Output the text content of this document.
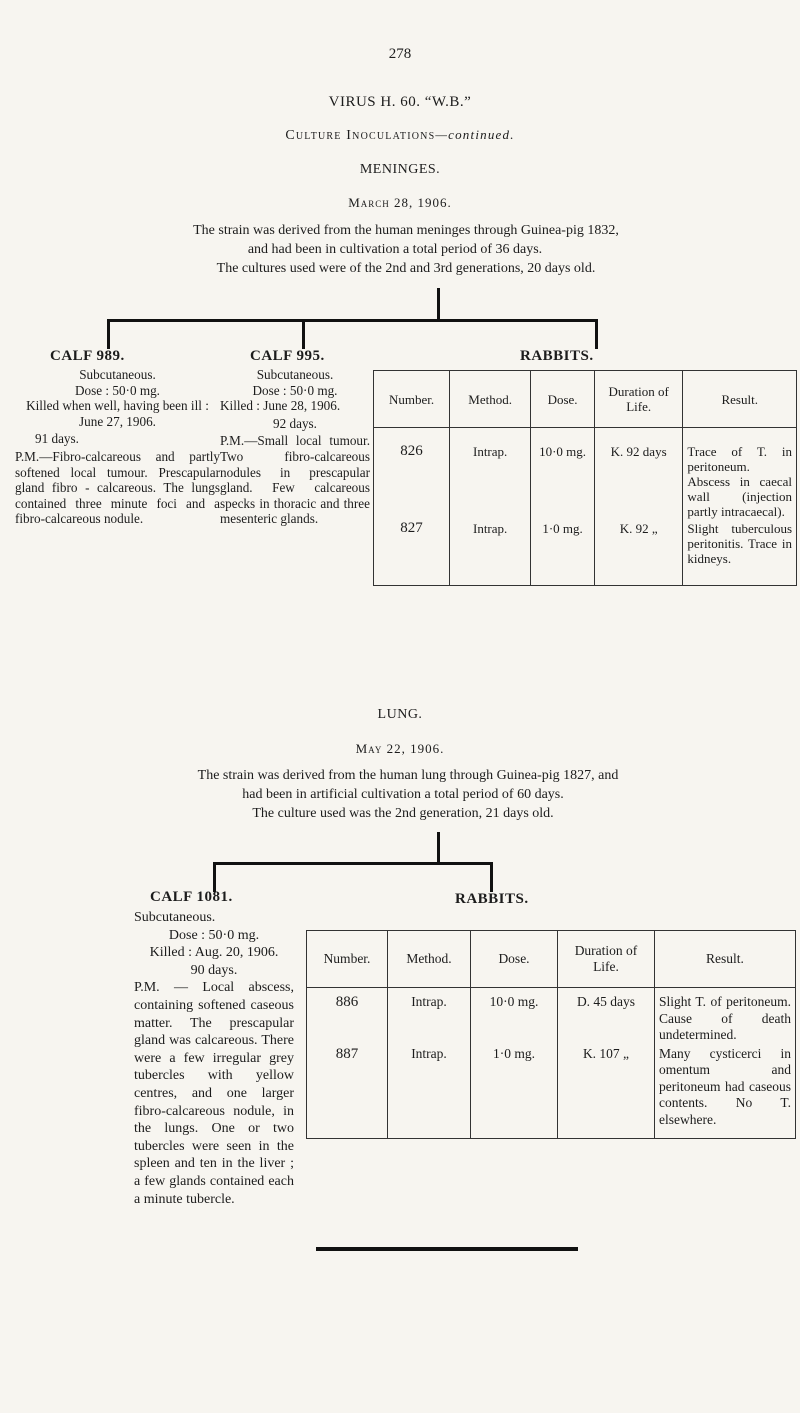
278
VIRUS H. 60. “W.B.”
Culture Inoculations—continued.
MENINGES.
March 28, 1906.
The strain was derived from the human meninges through Guinea-pig 1832,
and had been in cultivation a total period of 36 days.
The cultures used were of the 2nd and 3rd generations, 20 days old.
CALF 989.
Subcutaneous.
Dose : 50·0 mg.
Killed when well, having been ill : June 27, 1906.
91 days.

P.M.—Fibro-calcareous and partly softened local tumour. Prescapular gland fibro - calcareous. The lungs contained three minute foci and a fibro-calcareous nodule.

CALF 995.
Subcutaneous.
Dose : 50·0 mg.
Killed : June 28, 1906.
92 days.

P.M.—Small local tumour. Two fibro-calcareous nodules in prescapular gland. Few calcareous specks in thoracic and three mesenteric glands.

RABBITS.
Number.	Method.	Dose.	Duration of Life.	Result.
826	Intrap.	10·0 mg.	K. 92 days	Trace of T. in peritoneum. Abscess in caecal wall (injection partly intracaecal).
827	Intrap.	1·0 mg.	K. 92 „	Slight tuberculous peritonitis. Trace in kidneys.
LUNG.
May 22, 1906.
The strain was derived from the human lung through Guinea-pig 1827, and
had been in artificial cultivation a total period of 60 days.
The culture used was the 2nd generation, 21 days old.
CALF 1081.
Subcutaneous.
Dose : 50·0 mg.
Killed : Aug. 20, 1906.
90 days.

P.M. — Local abscess, containing softened caseous matter. The prescapular gland was calcareous. There were a few irregular grey tubercles with yellow centres, and one larger fibro-calcareous nodule, in the lungs. One or two tubercles were seen in the spleen and ten in the liver ; a few glands contained each a minute tubercle.

RABBITS.
Number.	Method.	Dose.	Duration of Life.	Result.
886	Intrap.	10·0 mg.	D. 45 days	Slight T. of peritoneum. Cause of death undetermined.
887	Intrap.	1·0 mg.	K. 107 „	Many cysticerci in omentum and peritoneum had caseous contents. No T. elsewhere.
